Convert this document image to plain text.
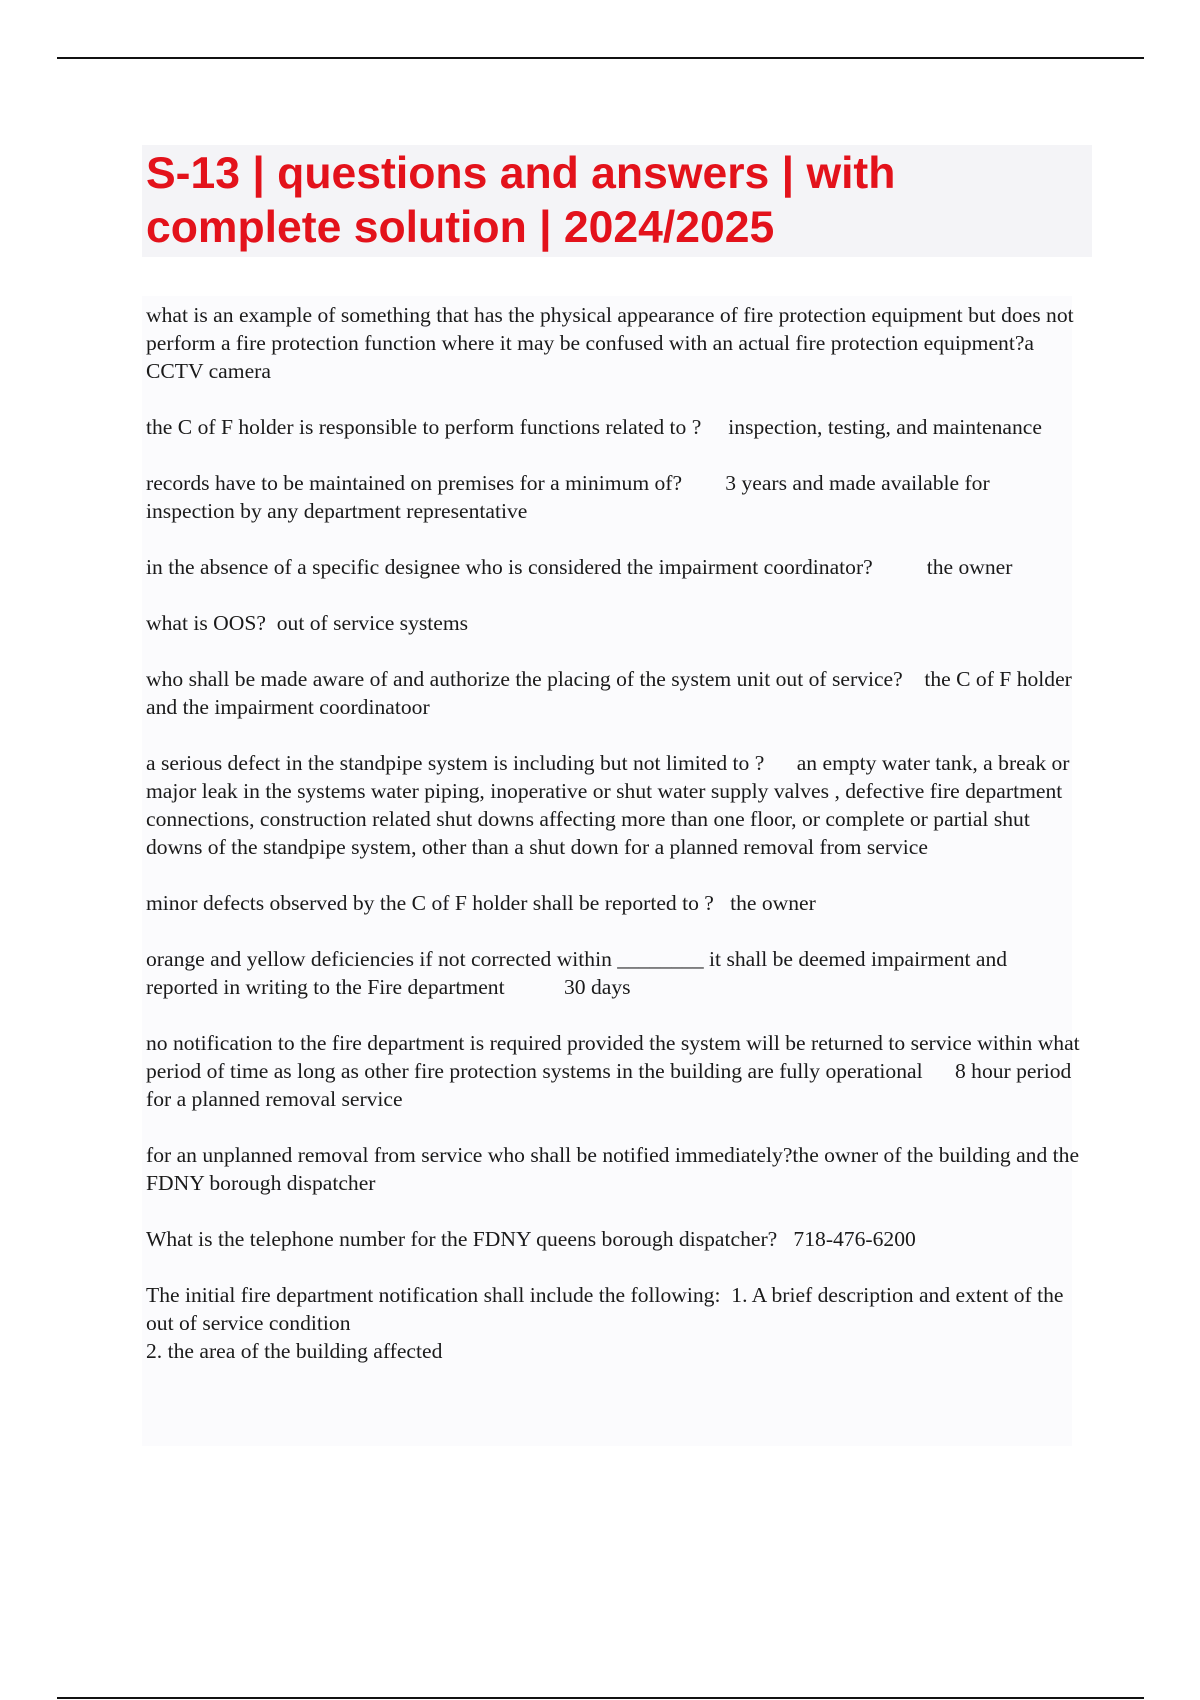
S-13 | questions and answers | with complete solution | 2024/2025

what is an example of something that has the physical appearance of fire protection equipment but does not perform a fire protection function where it may be confused with an actual fire protection equipment?a CCTV camera

the C of F holder is responsible to perform functions related to ?     inspection, testing, and maintenance

records have to be maintained on premises for a minimum of?        3 years and made available for inspection by any department representative

in the absence of a specific designee who is considered the impairment coordinator?          the owner

what is OOS?  out of service systems

who shall be made aware of and authorize the placing of the system unit out of service?    the C of F holder and the impairment coordinatoor

a serious defect in the standpipe system is including but not limited to ?      an empty water tank, a break or major leak in the systems water piping, inoperative or shut water supply valves , defective fire department connections, construction related shut downs affecting more than one floor, or complete or partial shut downs of the standpipe system, other than a shut down for a planned removal from service

minor defects observed by the C of F holder shall be reported to ?   the owner

orange and yellow deficiencies if not corrected within ________ it shall be deemed impairment and reported in writing to the Fire department           30 days

no notification to the fire department is required provided the system will be returned to service within what period of time as long as other fire protection systems in the building are fully operational      8 hour period for a planned removal service

for an unplanned removal from service who shall be notified immediately?the owner of the building and the FDNY borough dispatcher

What is the telephone number for the FDNY queens borough dispatcher?   718-476-6200

The initial fire department notification shall include the following:  1. A brief description and extent of the out of service condition
2. the area of the building affected
